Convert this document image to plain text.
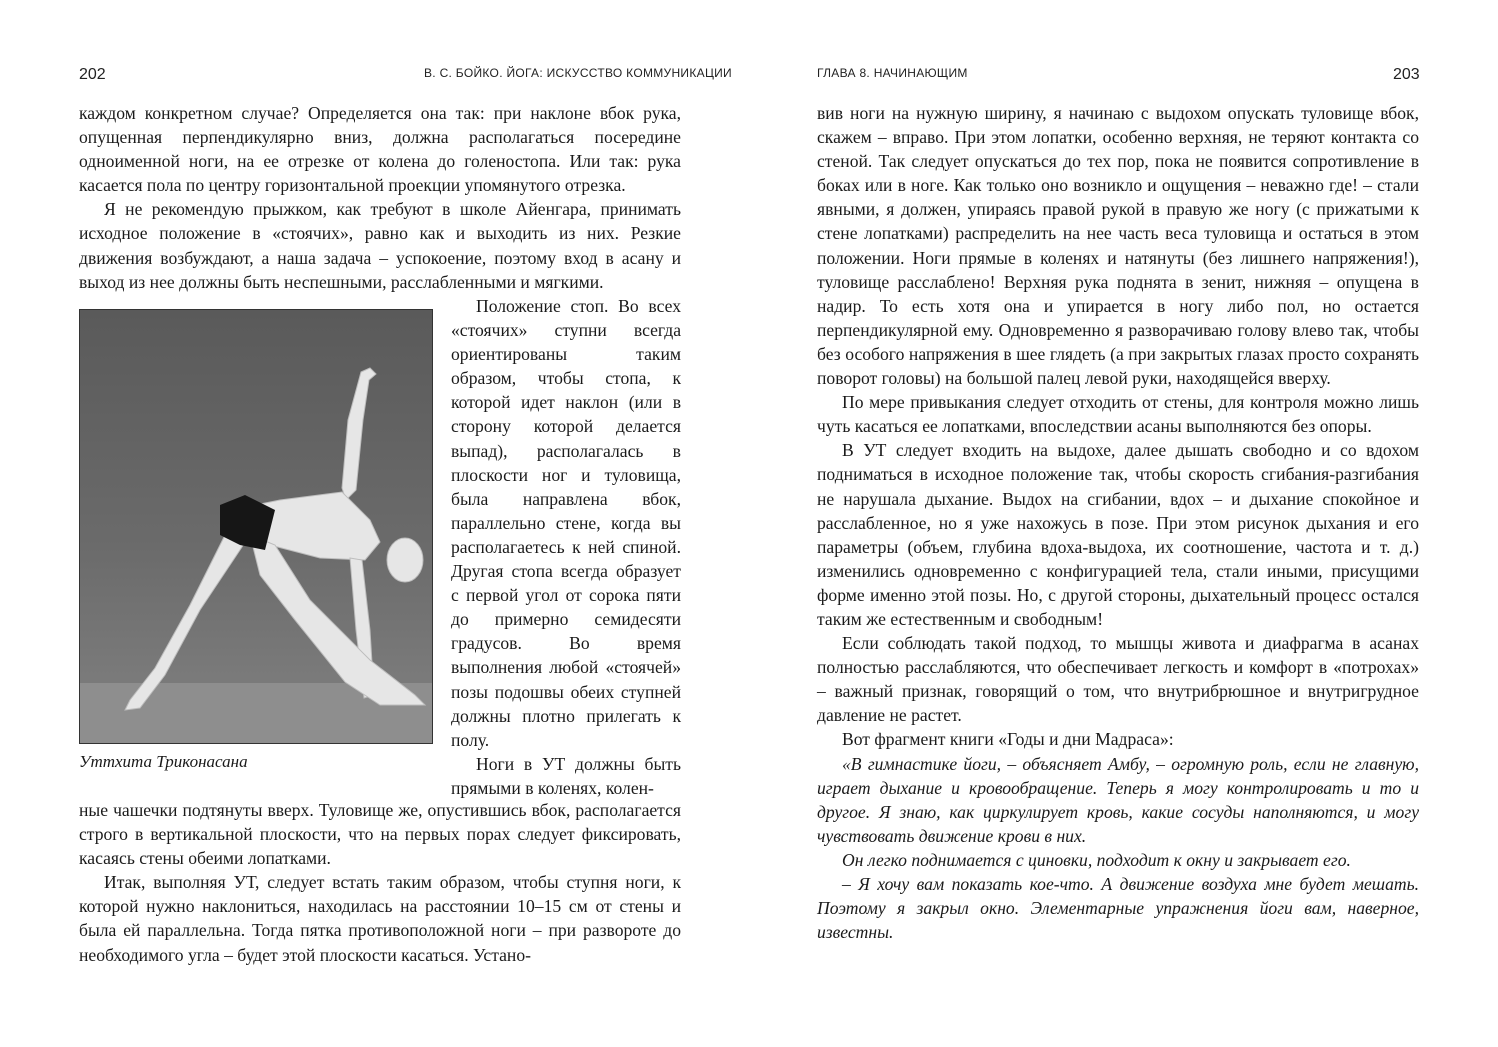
202	В. С. БОЙКО. ЙОГА: ИСКУССТВО КОММУНИКАЦИИ

каждом конкретном случае? Определяется она так: при наклоне вбок рука, опущенная перпендикулярно вниз, должна располагаться посередине одноименной ноги, на ее отрезке от колена до голеностопа. Или так: рука касается пола по центру горизонтальной проекции упомянутого отрезка.

Я не рекомендую прыжком, как требуют в школе Айенгара, принимать исходное положение в «стоячих», равно как и выходить из них. Резкие движения возбуждают, а наша задача – успокоение, поэтому вход в асану и выход из нее должны быть неспешными, расслабленными и мягкими.

Уттхита Триконасана

Положение стоп. Во всех «стоячих» ступни всегда ориентированы таким образом, чтобы стопа, к которой идет наклон (или в сторону которой делается выпад), располагалась в плоскости ног и туловища, была направлена вбок, параллельно стене, когда вы располагаетесь к ней спиной. Другая стопа всегда образует с первой угол от сорока пяти до примерно семидесяти градусов. Во время выполнения любой «стоячей» позы подошвы обеих ступней должны плотно прилегать к полу.

Ноги в УТ должны быть прямыми в коленях, колен-

ные чашечки подтянуты вверх. Туловище же, опустившись вбок, располагается строго в вертикальной плоскости, что на первых порах следует фиксировать, касаясь стены обеими лопатками.

Итак, выполняя УТ, следует встать таким образом, чтобы ступня ноги, к которой нужно наклониться, находилась на расстоянии 10–15 см от стены и была ей параллельна. Тогда пятка противоположной ноги – при развороте до необходимого угла – будет этой плоскости касаться. Устано-

ГЛАВА 8. НАЧИНАЮЩИМ	203

вив ноги на нужную ширину, я начинаю с выдохом опускать туловище вбок, скажем – вправо. При этом лопатки, особенно верхняя, не теряют контакта со стеной. Так следует опускаться до тех пор, пока не появится сопротивление в боках или в ноге. Как только оно возникло и ощущения – неважно где! – стали явными, я должен, упираясь правой рукой в правую же ногу (с прижатыми к стене лопатками) распределить на нее часть веса туловища и остаться в этом положении. Ноги прямые в коленях и натянуты (без лишнего напряжения!), туловище расслаблено! Верхняя рука поднята в зенит, нижняя – опущена в надир. То есть хотя она и упирается в ногу либо пол, но остается перпендикулярной ему. Одновременно я разворачиваю голову влево так, чтобы без особого напряжения в шее глядеть (а при закрытых глазах просто сохранять поворот головы) на большой палец левой руки, находящейся вверху.

По мере привыкания следует отходить от стены, для контроля можно лишь чуть касаться ее лопатками, впоследствии асаны выполняются без опоры.

В УТ следует входить на выдохе, далее дышать свободно и со вдохом подниматься в исходное положение так, чтобы скорость сгибания-разгибания не нарушала дыхание. Выдох на сгибании, вдох – и дыхание спокойное и расслабленное, но я уже нахожусь в позе. При этом рисунок дыхания и его параметры (объем, глубина вдоха-выдоха, их соотношение, частота и т. д.) изменились одновременно с конфигурацией тела, стали иными, присущими форме именно этой позы. Но, с другой стороны, дыхательный процесс остался таким же естественным и свободным!

Если соблюдать такой подход, то мышцы живота и диафрагма в асанах полностью расслабляются, что обеспечивает легкость и комфорт в «потрохах» – важный признак, говорящий о том, что внутрибрюшное и внутригрудное давление не растет.

Вот фрагмент книги «Годы и дни Мадраса»:

«В гимнастике йоги, – объясняет Амбу, – огромную роль, если не главную, играет дыхание и кровообращение. Теперь я могу контролировать и то и другое. Я знаю, как циркулирует кровь, какие сосуды наполняются, и могу чувствовать движение крови в них.

Он легко поднимается с циновки, подходит к окну и закрывает его.

– Я хочу вам показать кое-что. А движение воздуха мне будет мешать. Поэтому я закрыл окно. Элементарные упражнения йоги вам, наверное, известны.
